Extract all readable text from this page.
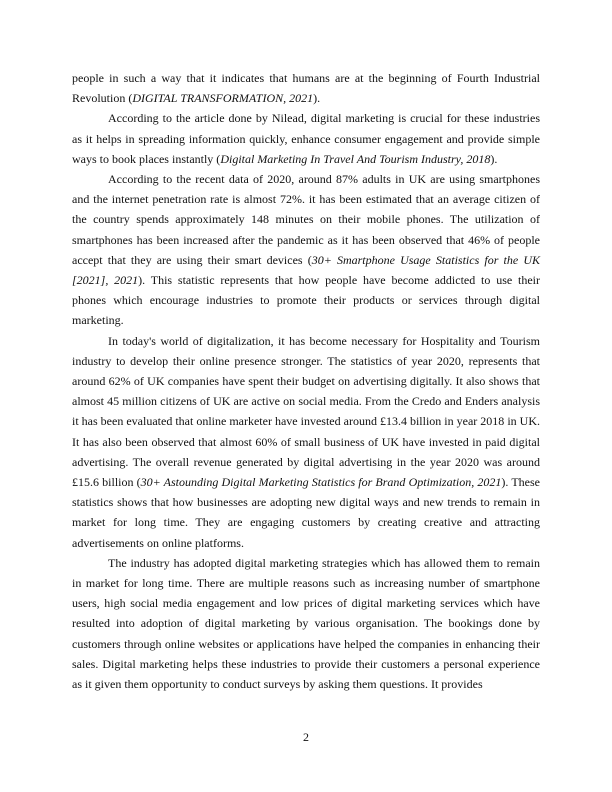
people in such a way that it indicates that humans are at the beginning of Fourth Industrial Revolution (DIGITAL TRANSFORMATION, 2021).

According to the article done by Nilead, digital marketing is crucial for these industries as it helps in spreading information quickly, enhance consumer engagement and provide simple ways to book places instantly (Digital Marketing In Travel And Tourism Industry, 2018).

According to the recent data of 2020, around 87% adults in UK are using smartphones and the internet penetration rate is almost 72%. it has been estimated that an average citizen of the country spends approximately 148 minutes on their mobile phones. The utilization of smartphones has been increased after the pandemic as it has been observed that 46% of people accept that they are using their smart devices (30+ Smartphone Usage Statistics for the UK [2021], 2021). This statistic represents that how people have become addicted to use their phones which encourage industries to promote their products or services through digital marketing.

In today's world of digitalization, it has become necessary for Hospitality and Tourism industry to develop their online presence stronger. The statistics of year 2020, represents that around 62% of UK companies have spent their budget on advertising digitally. It also shows that almost 45 million citizens of UK are active on social media. From the Credo and Enders analysis it has been evaluated that online marketer have invested around £13.4 billion in year 2018 in UK. It has also been observed that almost 60% of small business of UK have invested in paid digital advertising. The overall revenue generated by digital advertising in the year 2020 was around £15.6 billion (30+ Astounding Digital Marketing Statistics for Brand Optimization, 2021). These statistics shows that how businesses are adopting new digital ways and new trends to remain in market for long time. They are engaging customers by creating creative and attracting advertisements on online platforms.

The industry has adopted digital marketing strategies which has allowed them to remain in market for long time. There are multiple reasons such as increasing number of smartphone users, high social media engagement and low prices of digital marketing services which have resulted into adoption of digital marketing by various organisation. The bookings done by customers through online websites or applications have helped the companies in enhancing their sales. Digital marketing helps these industries to provide their customers a personal experience as it given them opportunity to conduct surveys by asking them questions. It provides

2
